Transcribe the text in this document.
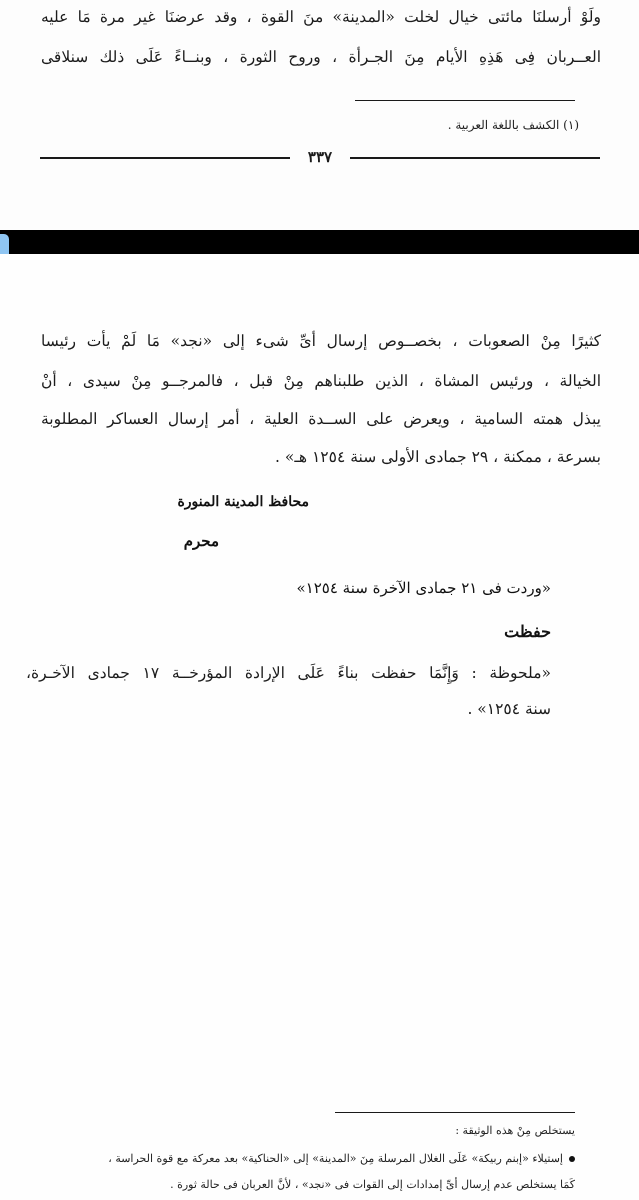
ولَوْ أرسلنَا مائتى خيال لخلت «المدينة» منَ القوة ، وقد عرضنَا غير مرة مَا عليه
العــربان فِى هَذِهِ الأيام مِنَ الجـرأة ، وروح الثورة ، وبنــاءً عَلَى ذلك سنلاقى
(١) الكشف باللغة العربية .
٣٣٧
كثيرًا مِنْ الصعوبات ، بخصــوص إرسال أىِّ شىء إلى «نجد» مَا لَمْ يأت رئيسا
الخيالة ، ورئيس المشاة ، الذين طلبناهم مِنْ قبل ، فالمرجــو مِنْ سيدى ، أنْ
يبذل همته السامية ، ويعرض على الســدة العلية ، أمر إرسال العساكر المطلوبة
بسرعة ، ممكنة ، ٢٩ جمادى الأولى سنة ١٢٥٤ هـ» .
محافظ المدينة المنورة
محرم
«وردت فى ٢١ جمادى الآخرة سنة ١٢٥٤»
حفظت
«ملحوظة : وَإِنَّمَا حفظت بناءً عَلَى الإرادة المؤرخــة ١٧ جمادى الآخـرة،
سنة ١٢٥٤» .
يستخلص مِنْ هذه الوثيقة :
إستيلاء «إبنم ربيكة» عَلَى الغلال المرسلة مِنَ «المدينة» إلى «الحناكية» بعد معركة مع قوة الحراسة ،
كَمَا يستخلص عدم إرسال أىِّ إمدادات إلى القوات فى «نجد» ، لأنَّ العربان فى حالة ثورة .
